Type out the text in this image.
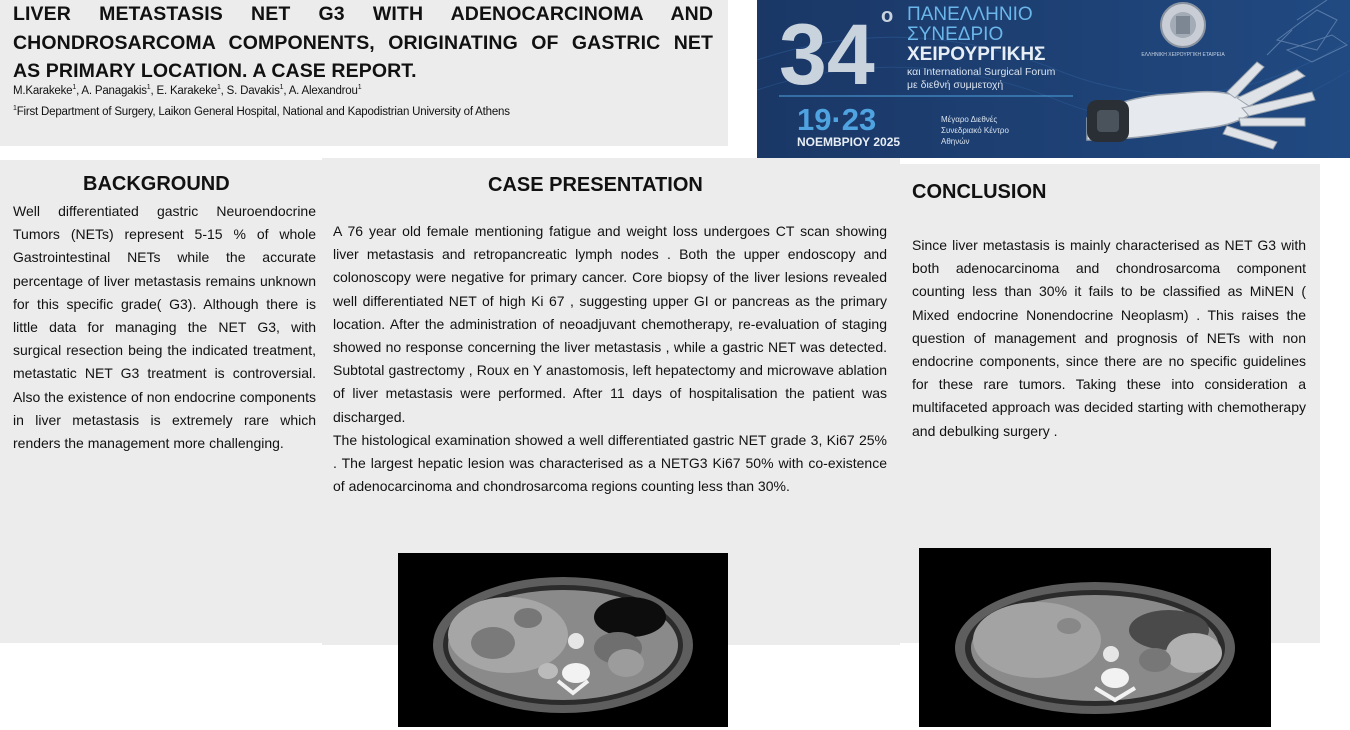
LIVER METASTASIS NET G3 WITH ADENOCARCINOMA AND
CHONDROSARCOMA COMPONENTS, ORIGINATING OF GASTRIC NET
AS PRIMARY LOCATION. A CASE REPORT.

M.Karakeke$^1$, A. Panagakis$^1$, E. Karakeke$^1$, S. Davakis$^1$, A. Alexandrou$^1$

$^1$First Department of Surgery, Laikon General Hospital, National and Kapodistrian University of Athens

34 ο ΠΑΝΕΛΛΗΝΙΟ
ΣΥΝΕΔΡΙΟ
ΧΕΙΡΟΥΡΓΙΚΗΣ
και International Surgical Forum
με διεθνή συμμετοχή
19·23
ΝΟΕΜΒΡΙΟΥ 2025
Μέγαρο Διεθνές
Συνεδριακό Κέντρο
Αθηνών
ΕΛΛΗΝΙΚΗ ΧΕΙΡΟΥΡΓΙΚΗ ΕΤΑΙΡΕΙΑ
BACKGROUND

Well differentiated gastric Neuroendocrine Tumors (NETs) represent 5-15 % of whole Gastrointestinal NETs while the accurate percentage of liver metastasis remains unknown for this specific grade( G3). Although there is little data for managing the NET G3, with surgical resection being the indicated treatment, metastatic NET G3 treatment is controversial. Also the existence of non endocrine components in liver metastasis is extremely rare which renders the management more challenging.

CASE PRESENTATION

A 76 year old female mentioning fatigue and weight loss undergoes CT scan showing liver metastasis and retropancreatic lymph nodes . Both the upper endoscopy and colonoscopy were negative for primary cancer. Core biopsy of the liver lesions revealed well differentiated NET of high Ki 67 , suggesting upper GI or pancreas as the primary location. After the administration of neoadjuvant chemotherapy, re-evaluation of staging showed no response concerning the liver metastasis , while a gastric NET was detected. Subtotal gastrectomy , Roux en Y anastomosis, left hepatectomy and microwave ablation of liver metastasis were performed. After 11 days of hospitalisation the patient was discharged.

The histological examination showed a well differentiated gastric NET grade 3, Ki67 25% . The largest hepatic lesion was characterised as a NETG3 Ki67 50% with co-existence of adenocarcinoma and chondrosarcoma regions counting less than 30%.

CONCLUSION

Since liver metastasis is mainly characterised as NET G3 with both adenocarcinoma and chondrosarcoma component counting less than 30% it fails to be classified as MiNEN ( Mixed endocrine Nonendocrine Neoplasm) . This raises the question of management and prognosis of NETs with non endocrine components, since there are no specific guidelines for these rare tumors. Taking these into consideration a multifaceted approach was decided starting with chemotherapy and debulking surgery .
